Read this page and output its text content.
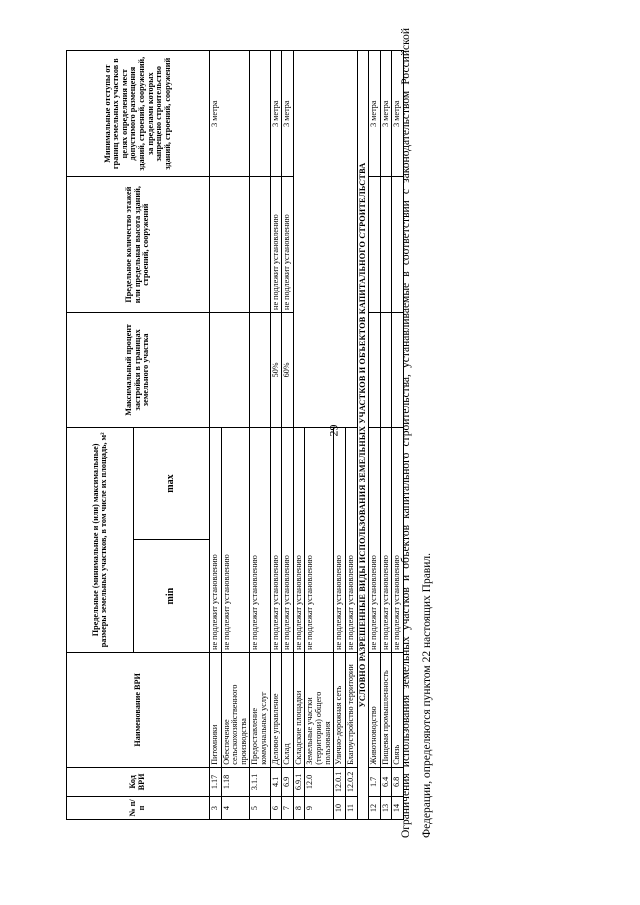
29
№ п/п	Код ВРИ	Наименование ВРИ	Предельные (минимальные и (или) максимальные) размеры земельных участков, в том числе их площадь, м²		Максимальный процент застройки в границах земельного участка	Предельное количество этажей или предельная высота зданий, строений, сооружений	Минимальные отступы от границ земельных участков в целях определения мест допустимого размещения зданий, строений, сооружений, за пределами которых запрещено строительство зданий, строений, сооружений
			min	max			
3	1.17	Питомники	не подлежит установлению				3 метра
4	1.18	Обеспечение сельскохозяйственного производства	не подлежит установлению				
5	3.1.1	Предоставление коммунальных услуг	не подлежат установлению				
6	4.1	Деловое управление	не подлежат установлению		50%	не подлежит установлению	3 метра
7	6.9	Склад	не подлежат установлению		60%	не подлежит установлению	3 метра
8	6.9.1	Складские площадки	не подлежат установлению				
9	12.0	Земельные участки (территории) общего пользования	не подлежат установлению				
10	12.0.1	Улично-дорожная сеть	не подлежат установлению				
11	12.0.2	Благоустройство территории	не подлежат установлению				
УСЛОВНО РАЗРЕШЕННЫЕ ВИДЫ ИСПОЛЬЗОВАНИЯ ЗЕМЕЛЬНЫХ УЧАСТКОВ И ОБЪЕКТОВ КАПИТАЛЬНОГО СТРОИТЕЛЬСТВА							
12	1.7	Животноводство	не подлежат установлению				3 метра
13	6.4	Пищевая промышленность	не подлежат установлению				3 метра
14	6.8	Связь	не подлежат установлению				3 метра
Ограничения использования земельных участков и объектов капитального строительства, устанавливаемые в соответствии с законодательством Российской Федерации, определяются пунктом 22 настоящих Правил.
